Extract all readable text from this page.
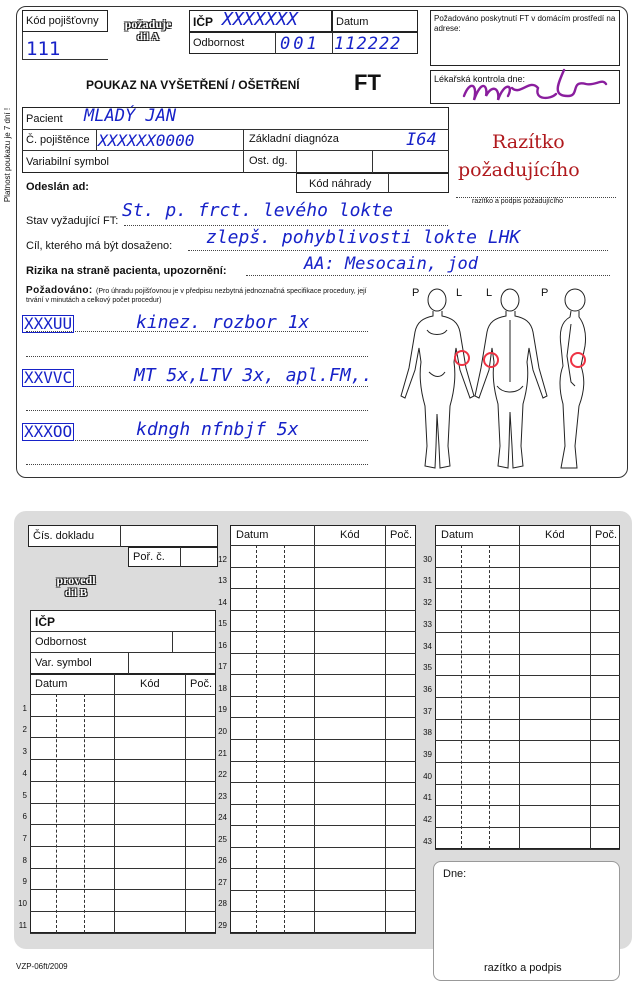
Platnost poukazu je 7 dní !
Kód pojišťovny
111
požaduje
díl A
IČP XXXXXXX	Datum
Odbornost 001 112222
POUKAZ NA VYŠETŘENÍ / OŠETŘENÍ FT
Požadováno poskytnutí FT v domácím prostředí na adrese:
Lékařská kontrola dne:
Razítko
požadujícího
razítko a podpis požadujícího
Pacient MLADÝ JAN
Č. pojištěnce XXXXXX0000	Základní diagnóza	I64
Variabilní symbol	Ost. dg.
Kód náhrady
Odeslán ad:
Stav vyžadující FT: St. p. frct. levého lokte
Cíl, kterého má být dosaženo: zlepš. pohyblivosti lokte LHK
Rizika na straně pacienta, upozornění:	AA: Mesocain, jod
Požadováno: (Pro úhradu pojišťovnou je v předpisu nezbytná jednoznačná specifikace procedury, její trvání v minutách a celkový počet procedur)
XXXUU	kinez. rozbor 1x
XXVVC	MT 5x,LTV 3x, apl.FM,.
XXXOO	kdngh nfnbjf 5x
P	L L	P
Čís. dokladu
Poř. č.
provedl
díl B
IČP
Odbornost
Var. symbol
Datum	Kód	Poč.
1
2
3
4
5
6
7
8
9
10
11
Datum	Kód	Poč.
12
13
14
15
16
17
18
19
20
21
22
23
24
25
26
27
28
29
Datum	Kód	Poč.
30
31
32
33
34
35
36
37
38
39
40
41
42
43
Dne:
razítko a podpis
VZP-06ft/2009
